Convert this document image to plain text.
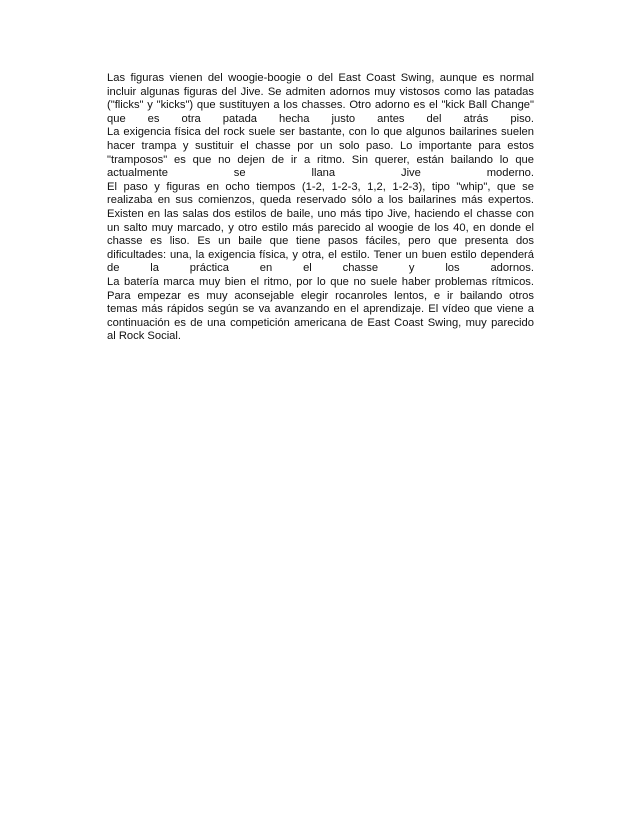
Las figuras vienen del woogie-boogie o del East Coast Swing, aunque es normal
incluir algunas figuras del Jive. Se admiten adornos muy vistosos como las patadas
("flicks" y "kicks") que sustituyen a los chasses. Otro adorno es el "kick Ball Change"
que es otra patada hecha justo antes del atrás piso.
La exigencia física del rock suele ser bastante, con lo que algunos bailarines suelen
hacer trampa y sustituir el chasse por un solo paso. Lo importante para estos
"tramposos" es que no dejen de ir a ritmo. Sin querer, están bailando lo que
actualmente se llana Jive moderno.
El paso y figuras en ocho tiempos (1-2, 1-2-3, 1,2, 1-2-3), tipo "whip", que se
realizaba en sus comienzos, queda reservado sólo a los bailarines más expertos.
Existen en las salas dos estilos de baile, uno más tipo Jive, haciendo el chasse con
un salto muy marcado, y otro estilo más parecido al woogie de los 40, en donde el
chasse es liso. Es un baile que tiene pasos fáciles, pero que presenta dos
dificultades: una, la exigencia física, y otra, el estilo. Tener un buen estilo dependerá
de la práctica en el chasse y los adornos.
La batería marca muy bien el ritmo, por lo que no suele haber problemas rítmicos.
Para empezar es muy aconsejable elegir rocanroles lentos, e ir bailando otros
temas más rápidos según se va avanzando en el aprendizaje. El vídeo que viene a
continuación es de una competición americana de East Coast Swing, muy parecido
al Rock Social.
